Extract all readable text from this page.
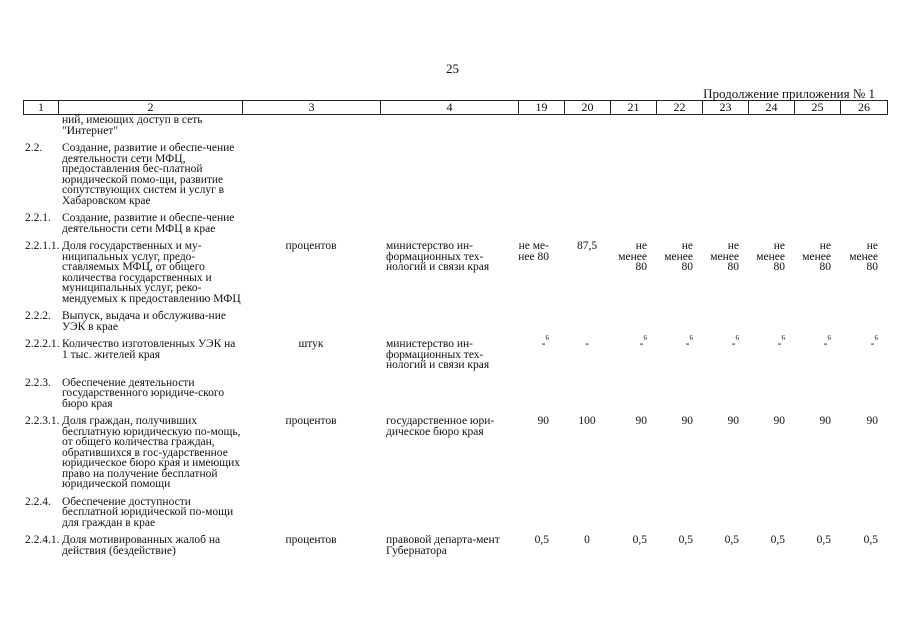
25
Продолжение приложения № 1
1	2	3	4	19	20	21	22	23	24	25	26
	ний, имеющих доступ в сеть "Интернет"										
2.2.	Создание, развитие и обеспе-чение деятельности сети МФЦ, предоставления бес-платной юридической помо-щи, развитие сопутствующих систем и услуг в Хабаровском крае										
2.2.1.	Создание, развитие и обеспе-чение деятельности сети МФЦ в крае										
2.2.1.1.	Доля государственных и му-ниципальных услуг, предо-ставляемых МФЦ, от общего количества государственных и муниципальных услуг, реко-мендуемых к предоставлению МФЦ	процентов	министерство ин-формационных тех-нологий и связи края	не ме-нее 80	87,5	не менее 80	не менее 80	не менее 80	не менее 80	не менее 80	не менее 80
2.2.2.	Выпуск, выдача и обслужива-ние УЭК в крае										
2.2.2.1.	Количество изготовленных УЭК на 1 тыс. жителей края	штук	министерство ин-формационных тех-нологий и связи края	-$^6$	-	-$^6$	-$^6$	-$^6$	-$^6$	-$^6$	-$^6$
2.2.3.	Обеспечение деятельности государственного юридиче-ского бюро края										
2.2.3.1.	Доля граждан, получивших бесплатную юридическую по-мощь, от общего количества граждан, обратившихся в гос-ударственное юридическое бюро края и имеющих право на получение бесплатной юридической помощи	процентов	государственное юри-дическое бюро края	90	100	90	90	90	90	90	90
2.2.4.	Обеспечение доступности бесплатной юридической по-мощи для граждан в крае										
2.2.4.1.	Доля мотивированных жалоб на действия (бездействие)	процентов	правовой департа-мент Губернатора	0,5	0	0,5	0,5	0,5	0,5	0,5	0,5
